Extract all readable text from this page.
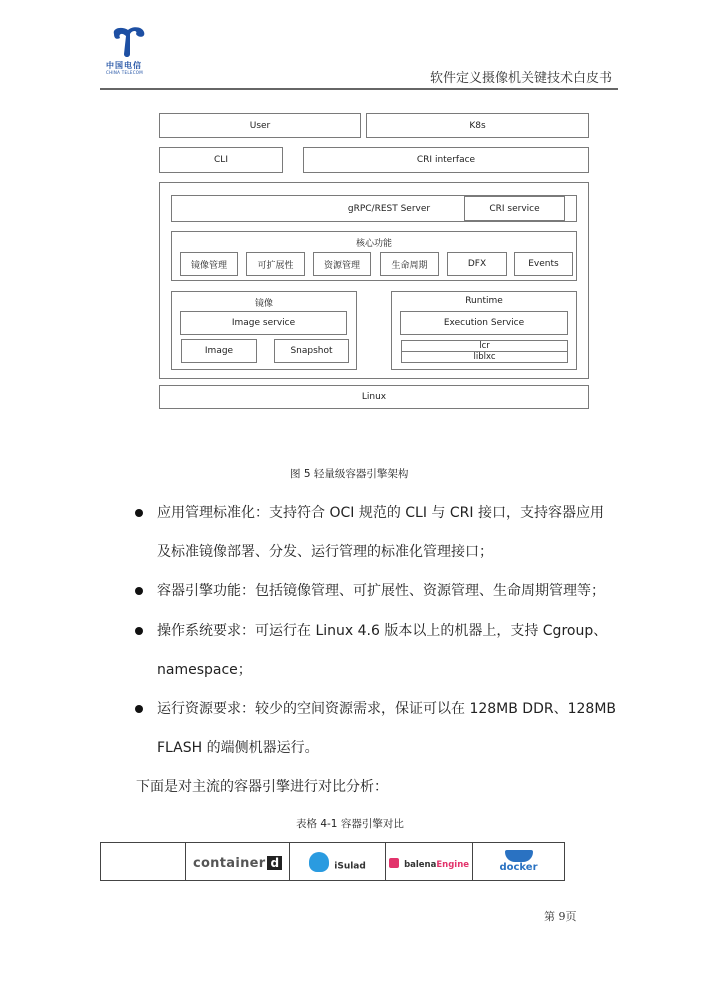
中国电信
CHINA TELECOM	软件定义摄像机关键技术白皮书
User	K8s
CLI	CRI interface
gRPC/REST Server	CRI service
核心功能
镜像管理	可扩展性	资源管理	生命周期	DFX	Events
镜像
Image service
Image	Snapshot
Runtime
Execution Service
lcr
liblxc
Linux
图 5 轻量级容器引擎架构
应用管理标准化：支持符合 OCI 规范的 CLI 与 CRI 接口，支持容器应用
及标准镜像部署、分发、运行管理的标准化管理接口；
容器引擎功能：包括镜像管理、可扩展性、资源管理、生命周期管理等；
操作系统要求：可运行在 Linux 4.6 版本以上的机器上，支持 Cgroup、
namespace；
运行资源要求：较少的空间资源需求，保证可以在 128MB DDR、128MB
FLASH 的端侧机器运行。
下面是对主流的容器引擎进行对比分析：
表格 4-1 容器引擎对比
	container d	iSulad	balenaEngine	docker
第 9页
